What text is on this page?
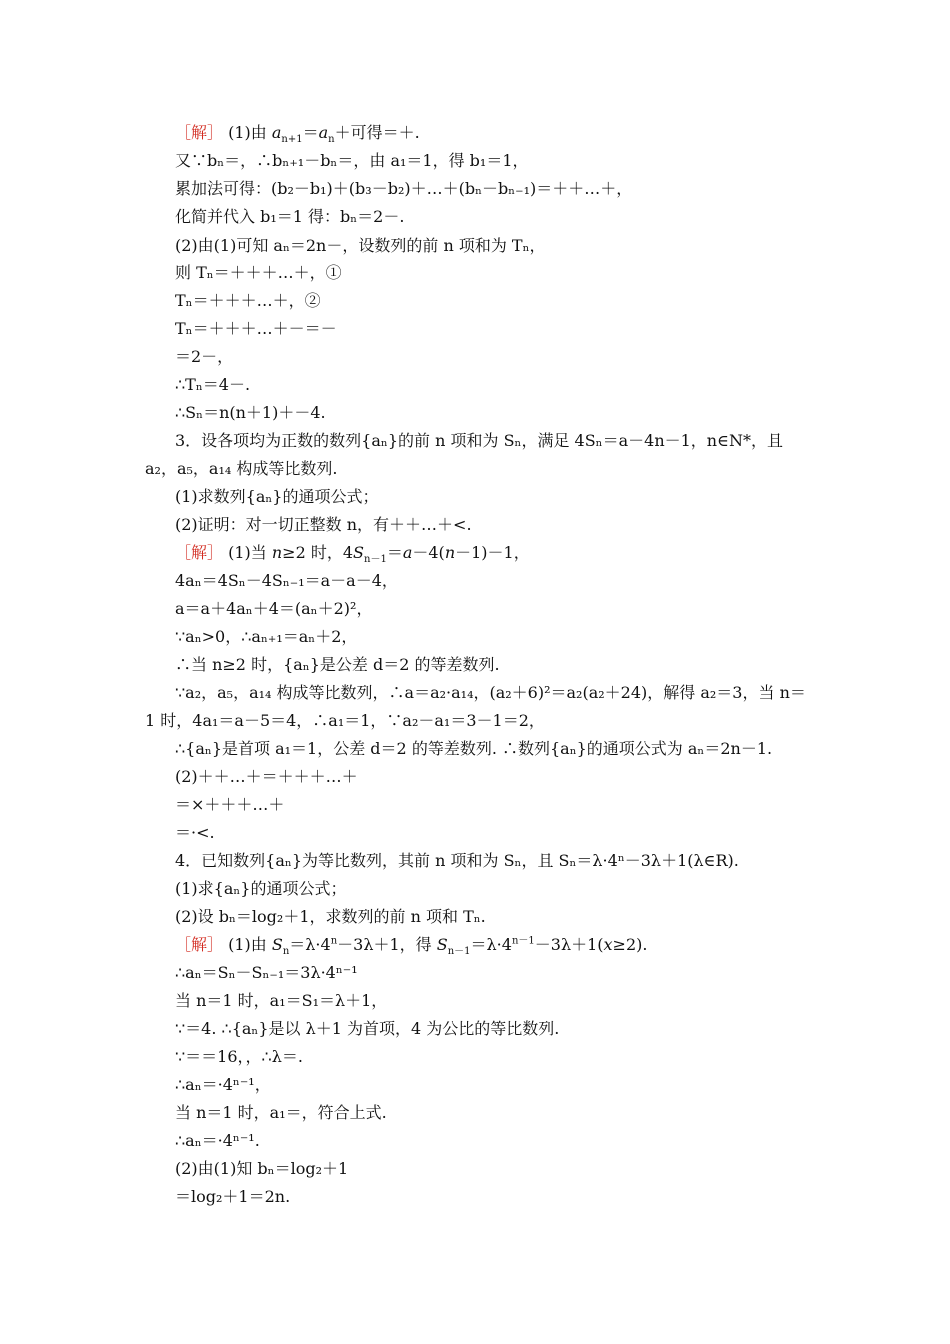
［解］ (1)由 $a_{n+1}=a_n+$可得＝＋.
又∵bₙ＝，∴bₙ₊₁－bₙ＝，由 a₁＝1，得 b₁＝1，
累加法可得：(b₂－b₁)＋(b₃－b₂)＋…＋(bₙ－bₙ₋₁)＝＋＋…＋，
化简并代入 b₁＝1 得：bₙ＝2－.
(2)由(1)可知 aₙ＝2n－，设数列的前 n 项和为 Tₙ，
则 Tₙ＝＋＋＋…＋，①
Tₙ＝＋＋＋…＋，②
Tₙ＝＋＋＋…＋－＝－
＝2－，
∴Tₙ＝4－.
∴Sₙ＝n(n＋1)＋－4.
3．设各项均为正数的数列{aₙ}的前 n 项和为 Sₙ，满足 4Sₙ＝a－4n－1，n∈N*，且
a₂，a₅，a₁₄ 构成等比数列.
(1)求数列{aₙ}的通项公式；
(2)证明：对一切正整数 n，有＋＋…＋<.
［解］ (1)当 n≥2 时，$4S_{n-1}=a-4(n-1)-1$，
4aₙ＝4Sₙ－4Sₙ₋₁＝a－a－4，
a＝a＋4aₙ＋4＝(aₙ＋2)²，
∵aₙ>0，∴aₙ₊₁＝aₙ＋2，
∴当 n≥2 时，{aₙ}是公差 d＝2 的等差数列.
∵a₂，a₅，a₁₄ 构成等比数列，∴a＝a₂·a₁₄，(a₂＋6)²＝a₂(a₂＋24)，解得 a₂＝3，当 n＝
1 时，4a₁＝a－5＝4，∴a₁＝1，∵a₂－a₁＝3－1＝2，
∴{aₙ}是首项 a₁＝1，公差 d＝2 的等差数列. ∴数列{aₙ}的通项公式为 aₙ＝2n－1.
(2)＋＋…＋＝＋＋＋…＋
＝×＋＋＋…＋
＝·<.
4．已知数列{aₙ}为等比数列，其前 n 项和为 Sₙ，且 Sₙ＝λ·4ⁿ－3λ＋1(λ∈R).
(1)求{aₙ}的通项公式；
(2)设 bₙ＝log₂＋1，求数列的前 n 项和 Tₙ.
［解］ (1)由 $S_n=\lambda\cdot 4^n-3\lambda+1$，得 $S_{n-1}=\lambda\cdot 4^{n-1}-3\lambda+1(x\ge 2)$.
∴aₙ＝Sₙ－Sₙ₋₁＝3λ·4ⁿ⁻¹
当 n＝1 时，a₁＝S₁＝λ＋1，
∵＝4. ∴{aₙ}是以 λ＋1 为首项，4 为公比的等比数列.
∵＝＝16，，∴λ＝.
∴aₙ＝·4ⁿ⁻¹，
当 n＝1 时，a₁＝，符合上式.
∴aₙ＝·4ⁿ⁻¹.
(2)由(1)知 bₙ＝log₂＋1
＝log₂＋1＝2n.
